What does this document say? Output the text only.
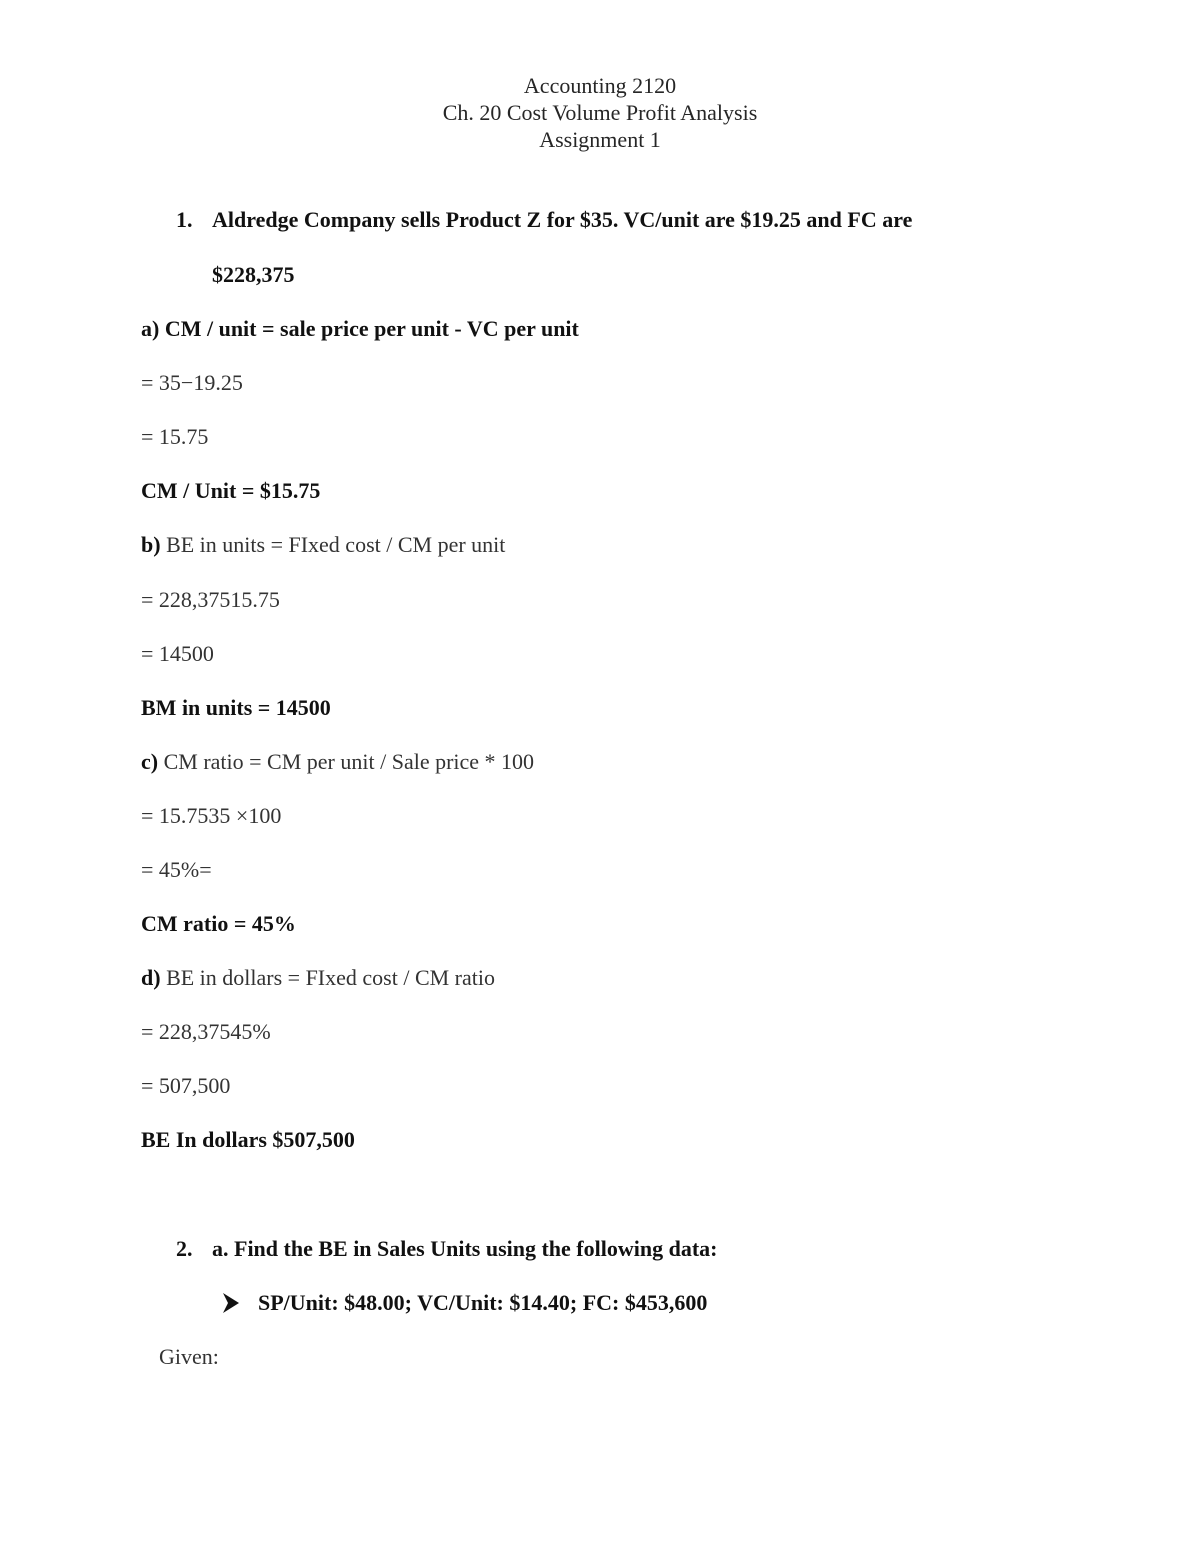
Accounting 2120
Ch. 20 Cost Volume Profit Analysis
Assignment 1
1. Aldredge Company sells Product Z for $35. VC/unit are $19.25 and FC are
$228,375
a) CM / unit = sale price per unit - VC per unit
= 35−19.25
= 15.75
CM / Unit = $15.75
b) BE in units = FIxed cost / CM per unit
= 228,37515.75
= 14500
BM in units = 14500
c) CM ratio = CM per unit / Sale price * 100
= 15.7535 ×100
= 45%=
CM ratio = 45%
d) BE in dollars = FIxed cost / CM ratio
= 228,37545%
= 507,500
BE In dollars $507,500
2. a. Find the BE in Sales Units using the following data:
SP/Unit: $48.00; VC/Unit: $14.40; FC: $453,600
Given:
